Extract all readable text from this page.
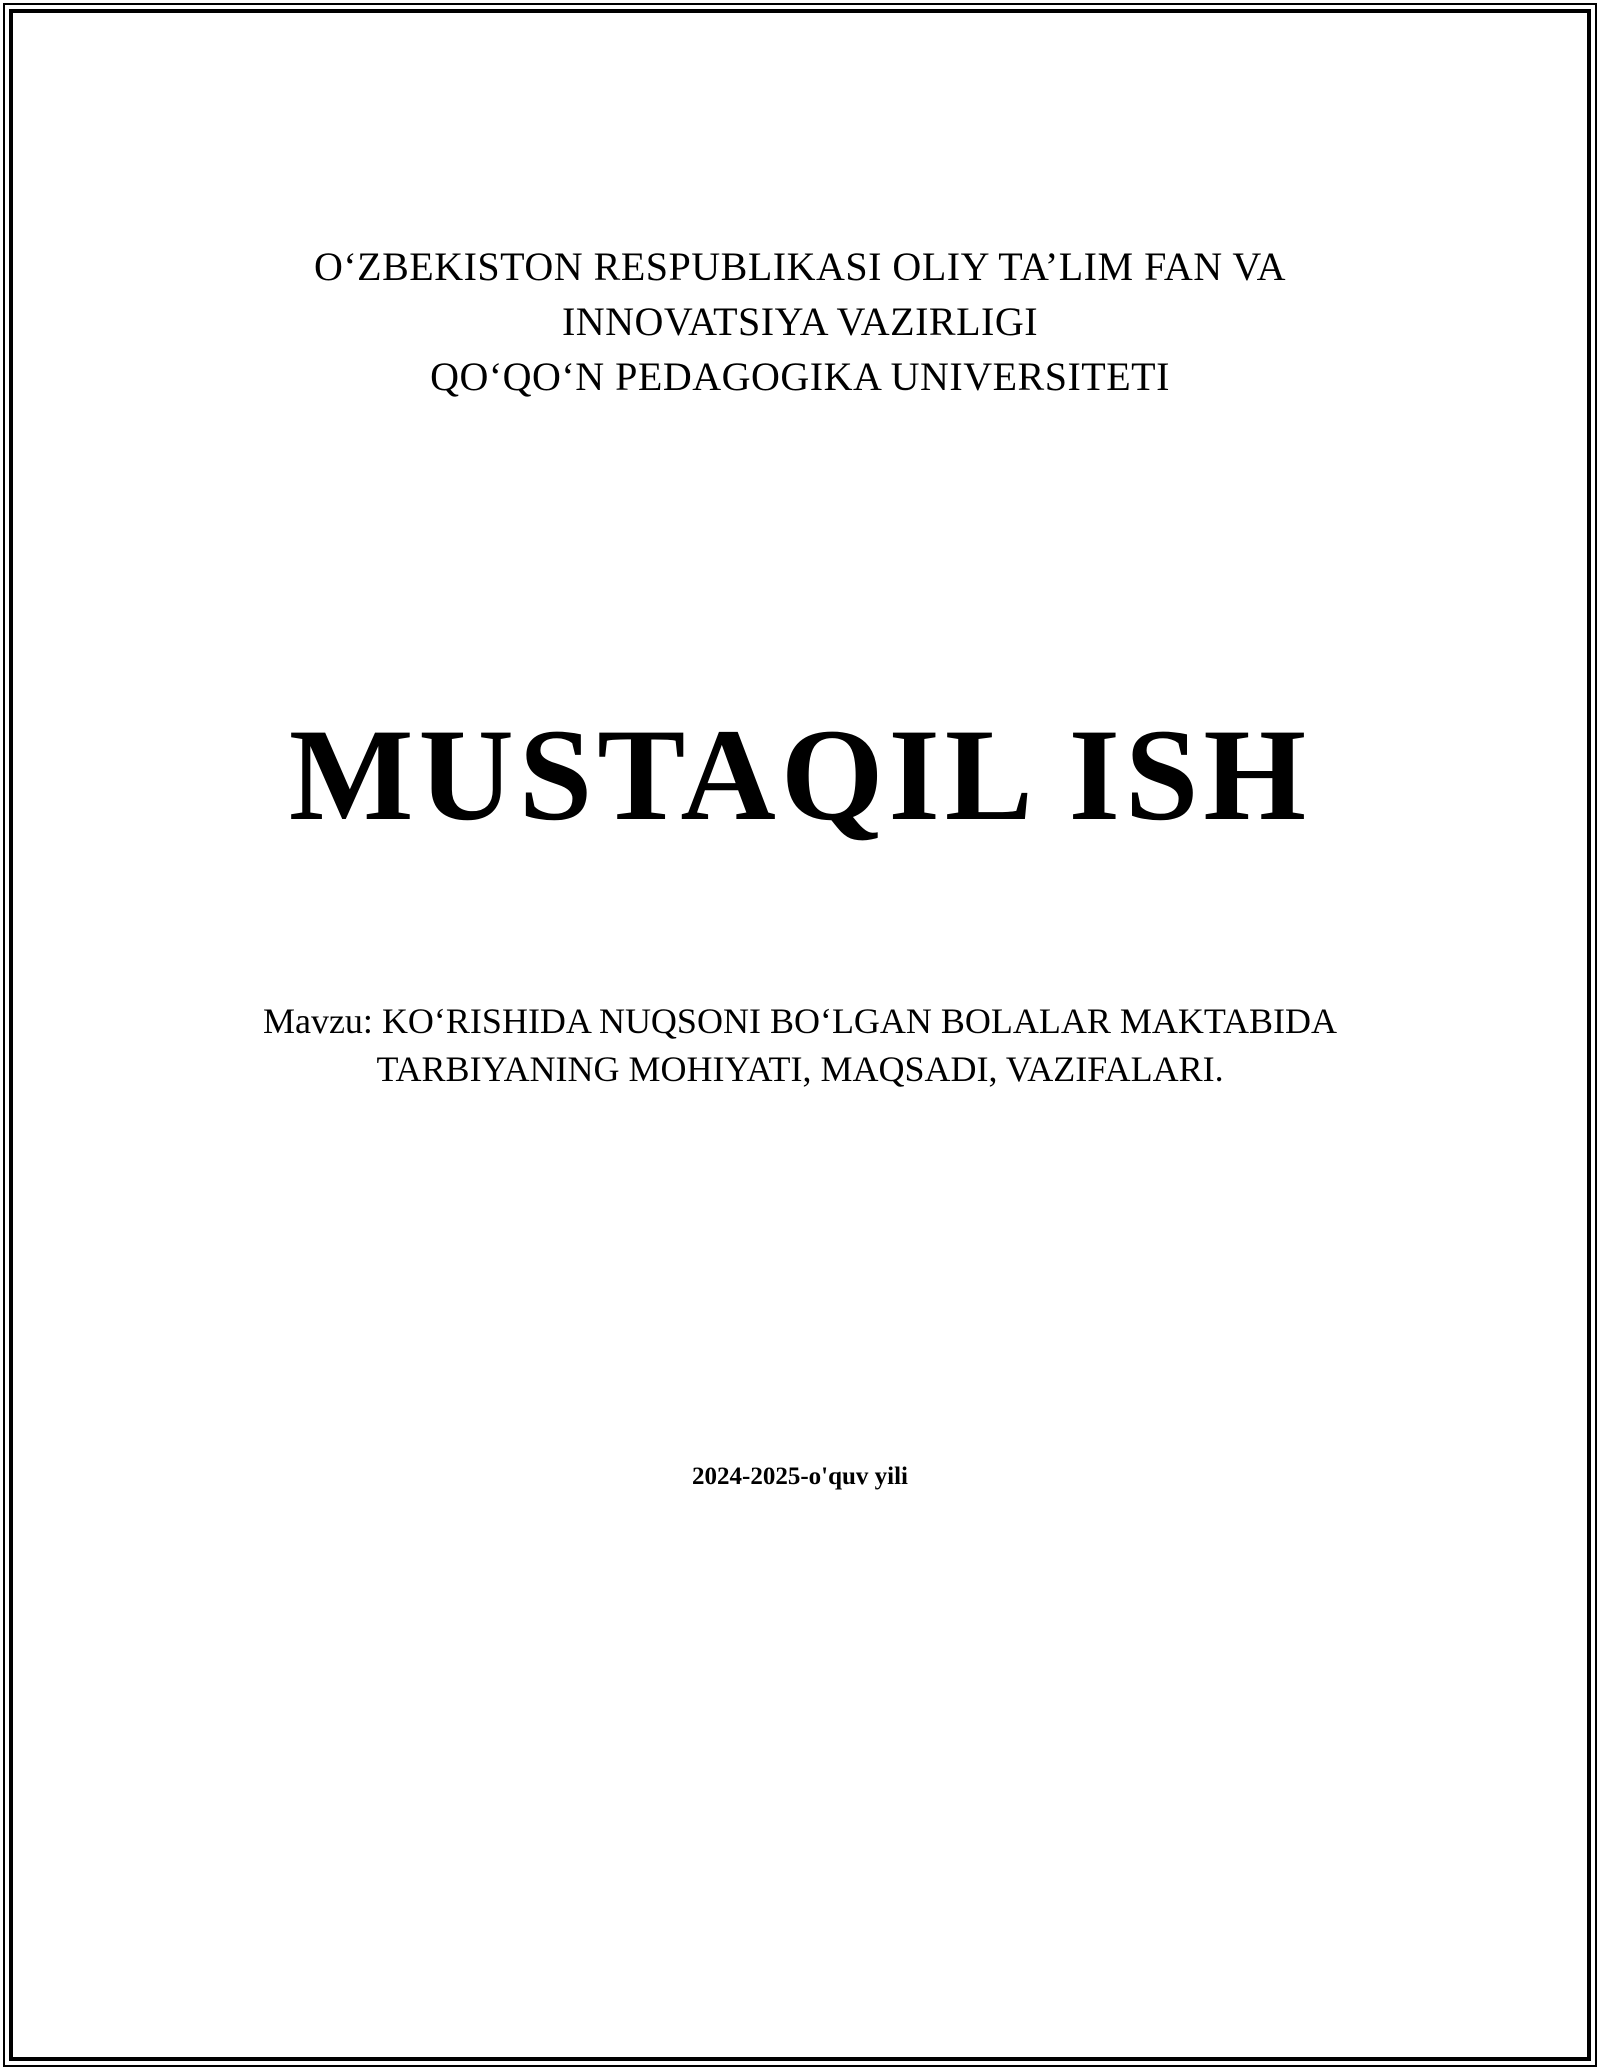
O‘ZBEKISTON RESPUBLIKASI OLIY TA’LIM FAN VA
INNOVATSIYA VAZIRLIGI
QO‘QO‘N PEDAGOGIKA UNIVERSITETI
MUSTAQIL ISH
Mavzu: KO‘RISHIDA NUQSONI BO‘LGAN BOLALAR MAKTABIDA
TARBIYANING MOHIYATI, MAQSADI, VAZIFALARI.
2024-2025-o'quv yili
